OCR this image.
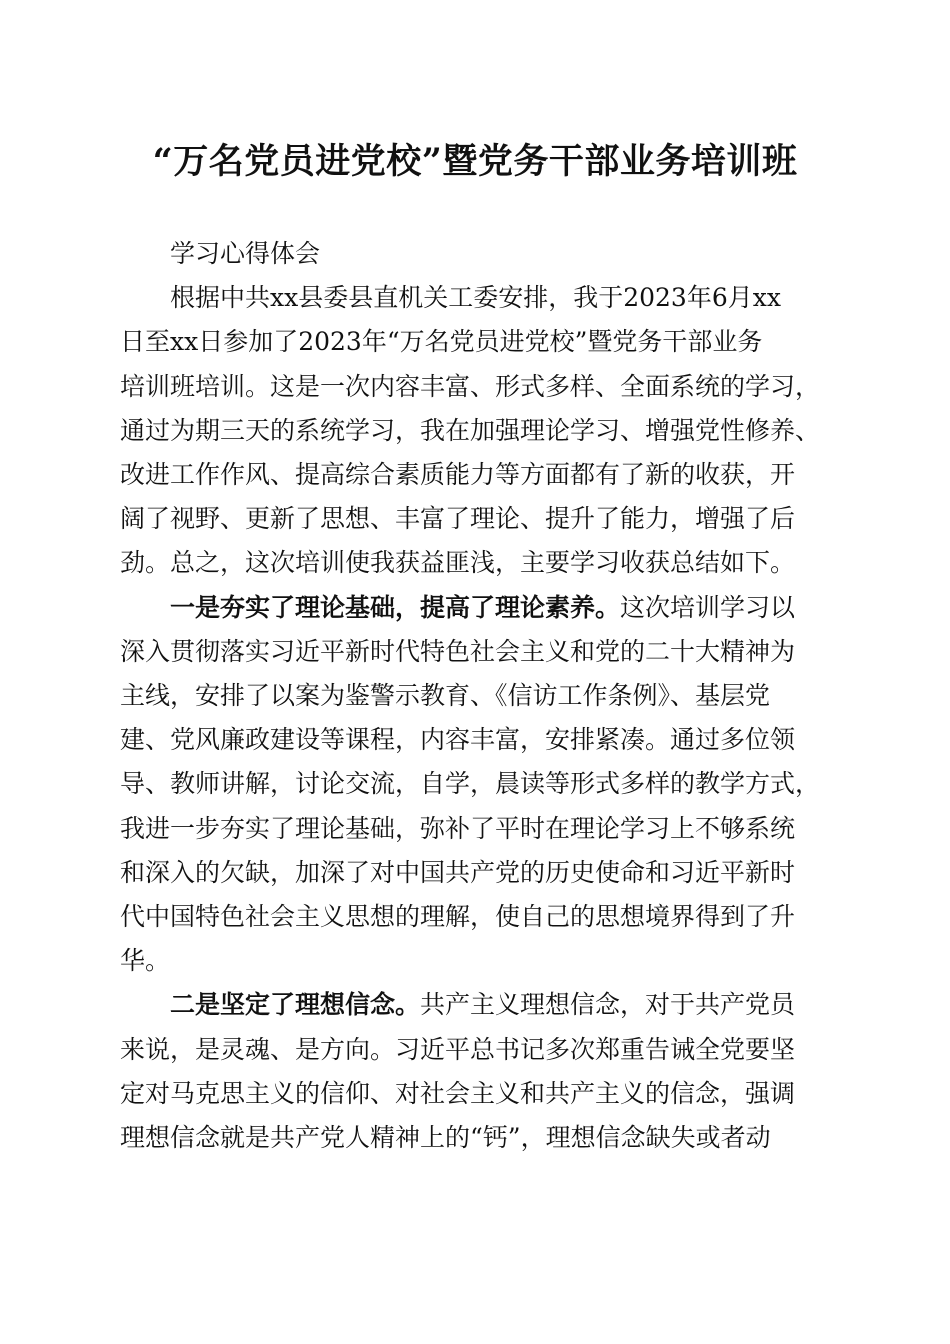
“万名党员进党校”暨党务干部业务培训班

学习心得体会

根据中共xx县委县直机关工委安排，我于2023年6月xx
日至xx日参加了2023年“万名党员进党校”暨党务干部业务
培训班培训。这是一次内容丰富、形式多样、全面系统的学习，
通过为期三天的系统学习，我在加强理论学习、增强党性修养、
改进工作作风、提高综合素质能力等方面都有了新的收获，开
阔了视野、更新了思想、丰富了理论、提升了能力，增强了后
劲。总之，这次培训使我获益匪浅，主要学习收获总结如下。

一是夯实了理论基础，提高了理论素养。这次培训学习以
深入贯彻落实习近平新时代特色社会主义和党的二十大精神为
主线，安排了以案为鉴警示教育、《信访工作条例》、基层党
建、党风廉政建设等课程，内容丰富，安排紧凑。通过多位领
导、教师讲解，讨论交流，自学，晨读等形式多样的教学方式，
我进一步夯实了理论基础，弥补了平时在理论学习上不够系统
和深入的欠缺，加深了对中国共产党的历史使命和习近平新时
代中国特色社会主义思想的理解，使自己的思想境界得到了升
华。

二是坚定了理想信念。共产主义理想信念，对于共产党员
来说，是灵魂、是方向。习近平总书记多次郑重告诫全党要坚
定对马克思主义的信仰、对社会主义和共产主义的信念，强调
理想信念就是共产党人精神上的“钙”，理想信念缺失或者动
